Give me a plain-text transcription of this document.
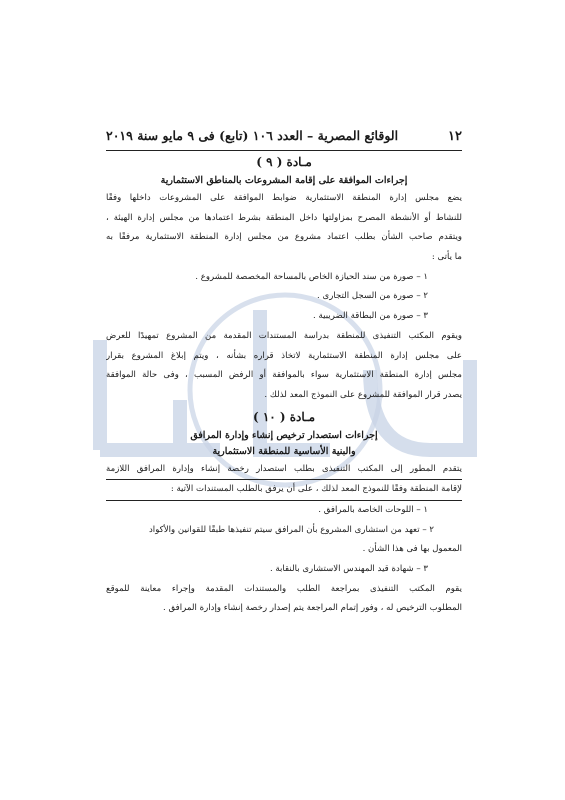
١٢
الوقائع المصرية – العدد ١٠٦ (تابع) فى ٩ مايو سنة ٢٠١٩
مـادة ( ٩ )
إجراءات الموافقة على إقامة المشروعات بالمناطق الاستثمارية
يضع مجلس إدارة المنطقة الاستثمارية ضوابط الموافقة على المشروعات داخلها وفقًا
للنشاط أو الأنشطة المصرح بمزاولتها داخل المنطقة بشرط اعتمادها من مجلس إدارة الهيئة ،
ويتقدم صاحب الشأن بطلب اعتماد مشروع من مجلس إدارة المنطقة الاستثمارية مرفقًا به
ما يأتى :
١ – صورة من سند الحيازة الخاص بالمساحة المخصصة للمشروع .
٢ – صورة من السجل التجارى .
٣ – صورة من البطاقة الضريبية .
ويقوم المكتب التنفيذى للمنطقة بدراسة المستندات المقدمة من المشروع تمهيدًا للعرض
على مجلس إدارة المنطقة الاستثمارية لاتخاذ قراره بشأنه ، ويتم إبلاغ المشروع بقرار
مجلس إدارة المنطقة الاستثمارية سواء بالموافقة أو الرفض المسبب ، وفى حالة الموافقة
يصدر قرار الموافقة للمشروع على النموذج المعد لذلك .
مـادة ( ١٠ )
إجراءات استصدار ترخيص إنشاء وإدارة المرافق
والبنية الأساسية للمنطقة الاستثمارية
يتقدم المطور إلى المكتب التنفيذى بطلب استصدار رخصة إنشاء وإدارة المرافق اللازمة
لإقامة المنطقة وفقًا للنموذج المعد لذلك ، على أن يرفق بالطلب المستندات الآتية :
١ – اللوحات الخاصة بالمرافق .
٢ – تعهد من استشارى المشروع بأن المرافق سيتم تنفيذها طبقًا للقوانين والأكواد
المعمول بها فى هذا الشأن .
٣ – شهادة قيد المهندس الاستشارى بالنقابة .
يقوم المكتب التنفيذى بمراجعة الطلب والمستندات المقدمة وإجراء معاينة للموقع
المطلوب الترخيص له ، وفور إتمام المراجعة يتم إصدار رخصة إنشاء وإدارة المرافق .
